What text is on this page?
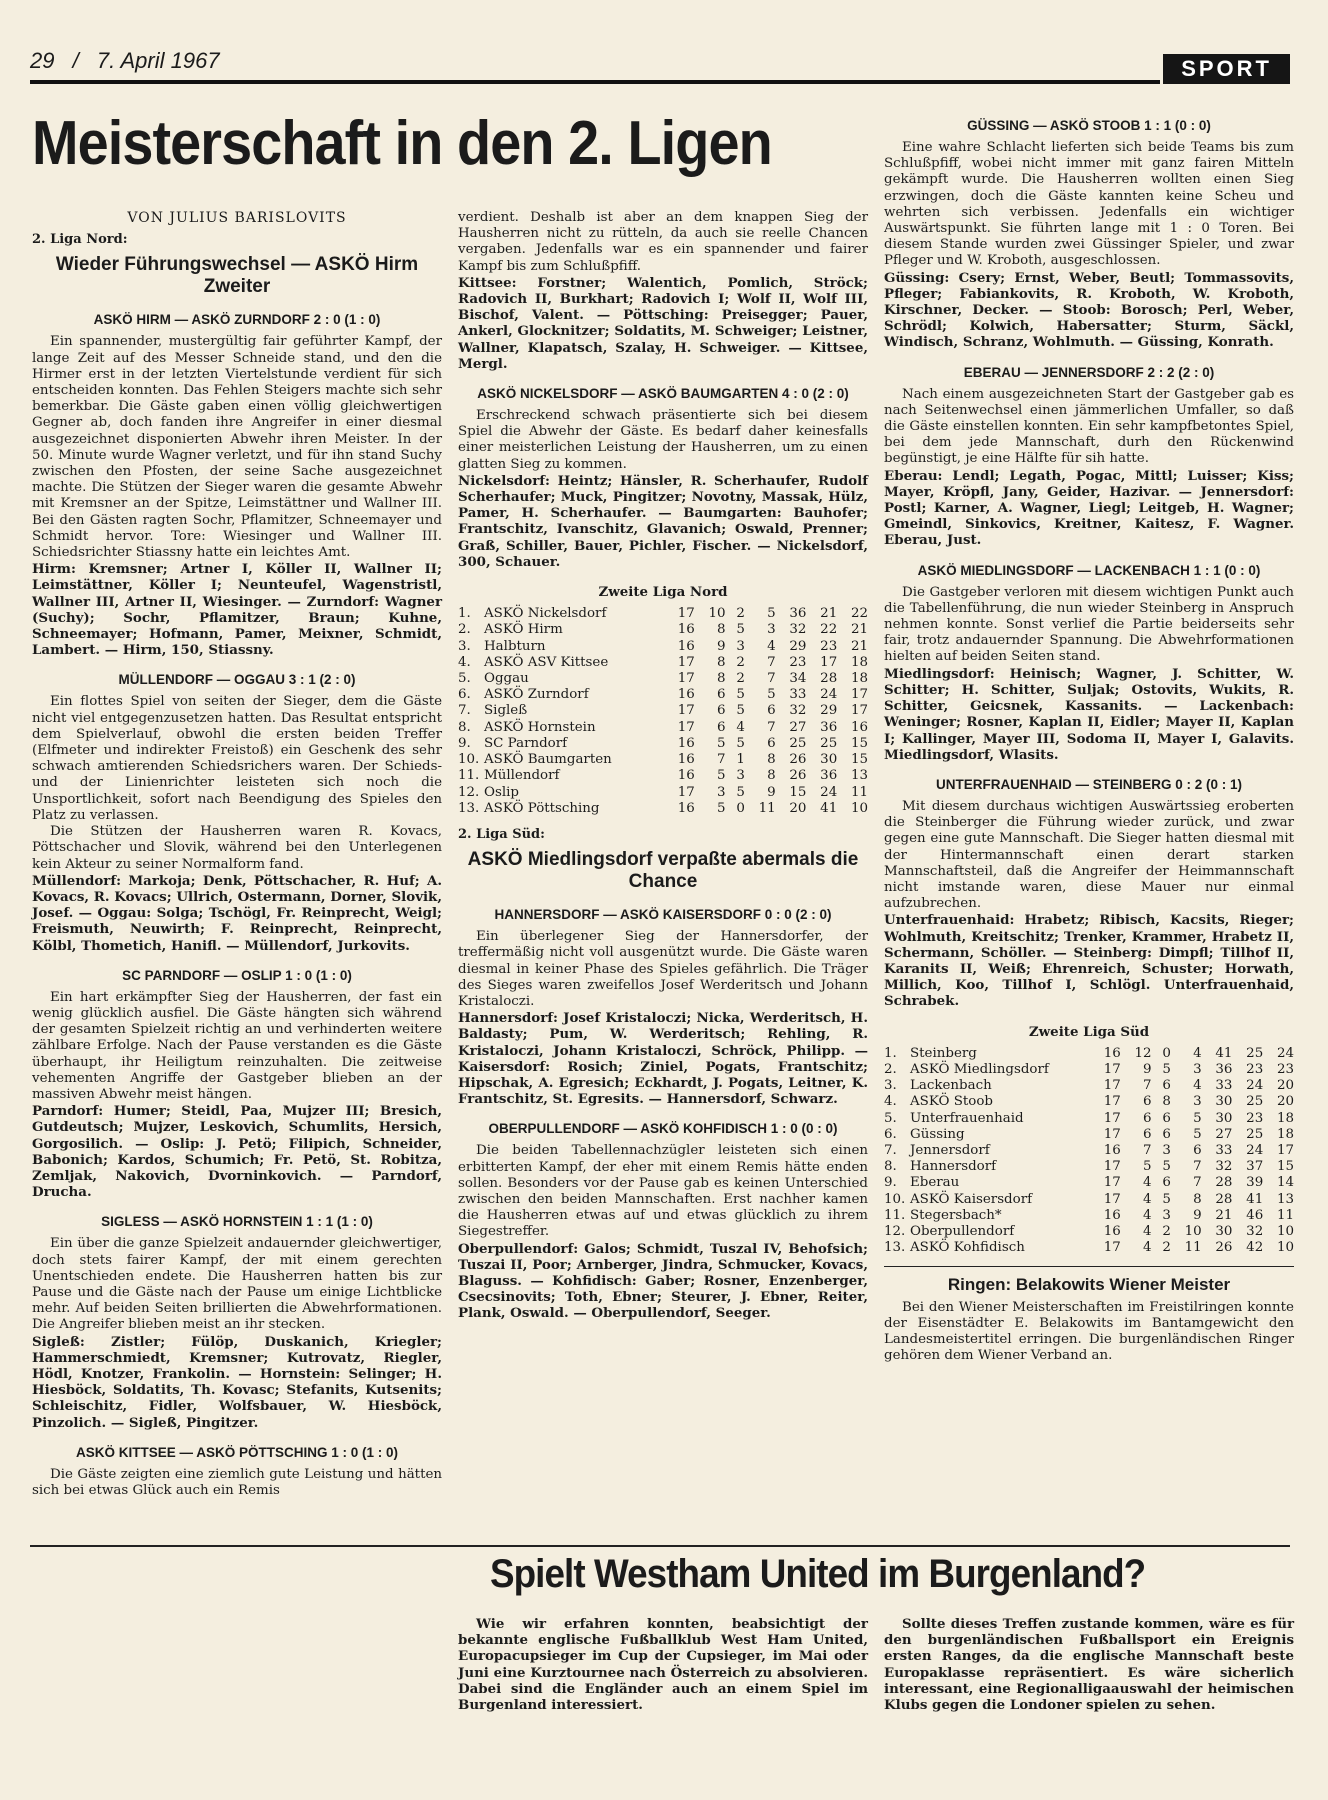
29 / 7. April 1967	SPORT
Meisterschaft in den 2. Ligen
VON JULIUS BARISLOVITS
2. Liga Nord:
Wieder Führungswechsel — ASKÖ Hirm Zweiter
ASKÖ HIRM — ASKÖ ZURNDORF 2 : 0 (1 : 0)

Ein spannender, mustergültig fair geführter Kampf, der lange Zeit auf des Messer Schneide stand, und den die Hirmer erst in der letzten Viertelstunde verdient für sich entscheiden konnten. Das Fehlen Steigers machte sich sehr bemerkbar. Die Gäste gaben einen völlig gleichwertigen Gegner ab, doch fanden ihre Angreifer in einer diesmal ausgezeichnet disponierten Abwehr ihren Meister. In der 50. Minute wurde Wagner verletzt, und für ihn stand Suchy zwischen den Pfosten, der seine Sache ausgezeichnet machte. Die Stützen der Sieger waren die gesamte Abwehr mit Kremsner an der Spitze, Leimstättner und Wallner III. Bei den Gästen ragten Sochr, Pflamitzer, Schneemayer und Schmidt hervor. Tore: Wiesinger und Wallner III. Schiedsrichter Stiassny hatte ein leichtes Amt.

Hirm: Kremsner; Artner I, Köller II, Wallner II; Leimstättner, Köller I; Neunteufel, Wagenstristl, Wallner III, Artner II, Wiesinger. — Zurndorf: Wagner (Suchy); Sochr, Pflamitzer, Braun; Kuhne, Schneemayer; Hofmann, Pamer, Meixner, Schmidt, Lambert. — Hirm, 150, Stiassny.

MÜLLENDORF — OGGAU 3 : 1 (2 : 0)

Ein flottes Spiel von seiten der Sieger, dem die Gäste nicht viel entgegenzusetzen hatten. Das Resultat entspricht dem Spielverlauf, obwohl die ersten beiden Treffer (Elfmeter und indirekter Freistoß) ein Geschenk des sehr schwach amtierenden Schiedsrichers waren. Der Schieds- und der Linienrichter leisteten sich noch die Unsportlichkeit, sofort nach Beendigung des Spieles den Platz zu verlassen.

Die Stützen der Hausherren waren R. Kovacs, Pöttschacher und Slovik, während bei den Unterlegenen kein Akteur zu seiner Normalform fand.

Müllendorf: Markoja; Denk, Pöttschacher, R. Huf; A. Kovacs, R. Kovacs; Ullrich, Ostermann, Dorner, Slovik, Josef. — Oggau: Solga; Tschögl, Fr. Reinprecht, Weigl; Freismuth, Neuwirth; F. Reinprecht, Reinprecht, Kölbl, Thometich, Hanifl. — Müllendorf, Jurkovits.

SC PARNDORF — OSLIP 1 : 0 (1 : 0)

Ein hart erkämpfter Sieg der Hausherren, der fast ein wenig glücklich ausfiel. Die Gäste hängten sich während der gesamten Spielzeit richtig an und verhinderten weitere zählbare Erfolge. Nach der Pause verstanden es die Gäste überhaupt, ihr Heiligtum reinzuhalten. Die zeitweise vehementen Angriffe der Gastgeber blieben an der massiven Abwehr meist hängen.

Parndorf: Humer; Steidl, Paa, Mujzer III; Bresich, Gutdeutsch; Mujzer, Leskovich, Schumlits, Hersich, Gorgosilich. — Oslip: J. Petö; Filipich, Schneider, Babonich; Kardos, Schumich; Fr. Petö, St. Robitza, Zemljak, Nakovich, Dvorninkovich. — Parndorf, Drucha.

SIGLESS — ASKÖ HORNSTEIN 1 : 1 (1 : 0)

Ein über die ganze Spielzeit andauernder gleichwertiger, doch stets fairer Kampf, der mit einem gerechten Unentschieden endete. Die Hausherren hatten bis zur Pause und die Gäste nach der Pause um einige Lichtblicke mehr. Auf beiden Seiten brillierten die Abwehrformationen. Die Angreifer blieben meist an ihr stecken.

Sigleß: Zistler; Fülöp, Duskanich, Kriegler; Hammerschmiedt, Kremsner; Kutrovatz, Riegler, Hödl, Knotzer, Frankolin. — Hornstein: Selinger; H. Hiesböck, Soldatits, Th. Kovasc; Stefanits, Kutsenits; Schleischitz, Fidler, Wolfsbauer, W. Hiesböck, Pinzolich. — Sigleß, Pingitzer.

ASKÖ KITTSEE — ASKÖ PÖTTSCHING 1 : 0 (1 : 0)

Die Gäste zeigten eine ziemlich gute Leistung und hätten sich bei etwas Glück auch ein Remis

verdient. Deshalb ist aber an dem knappen Sieg der Hausherren nicht zu rütteln, da auch sie reelle Chancen vergaben. Jedenfalls war es ein spannender und fairer Kampf bis zum Schlußpfiff.

Kittsee: Forstner; Walentich, Pomlich, Ströck; Radovich II, Burkhart; Radovich I; Wolf II, Wolf III, Bischof, Valent. — Pöttsching: Preisegger; Pauer, Ankerl, Glocknitzer; Soldatits, M. Schweiger; Leistner, Wallner, Klapatsch, Szalay, H. Schweiger. — Kittsee, Mergl.

ASKÖ NICKELSDORF — ASKÖ BAUMGARTEN 4 : 0 (2 : 0)

Erschreckend schwach präsentierte sich bei diesem Spiel die Abwehr der Gäste. Es bedarf daher keinesfalls einer meisterlichen Leistung der Hausherren, um zu einen glatten Sieg zu kommen.

Nickelsdorf: Heintz; Hänsler, R. Scherhaufer, Rudolf Scherhaufer; Muck, Pingitzer; Novotny, Massak, Hülz, Pamer, H. Scherhaufer. — Baumgarten: Bauhofer; Frantschitz, Ivanschitz, Glavanich; Oswald, Prenner; Graß, Schiller, Bauer, Pichler, Fischer. — Nickelsdorf, 300, Schauer.

Zweite Liga Nord
1.	ASKÖ Nickelsdorf	17	10	2	5	36	21	22
2.	ASKÖ Hirm	16	8	5	3	32	22	21
3.	Halbturn	16	9	3	4	29	23	21
4.	ASKÖ ASV Kittsee	17	8	2	7	23	17	18
5.	Oggau	17	8	2	7	34	28	18
6.	ASKÖ Zurndorf	16	6	5	5	33	24	17
7.	Sigleß	17	6	5	6	32	29	17
8.	ASKÖ Hornstein	17	6	4	7	27	36	16
9.	SC Parndorf	16	5	5	6	25	25	15
10.	ASKÖ Baumgarten	16	7	1	8	26	30	15
11.	Müllendorf	16	5	3	8	26	36	13
12.	Oslip	17	3	5	9	15	24	11
13.	ASKÖ Pöttsching	16	5	0	11	20	41	10
2. Liga Süd:
ASKÖ Miedlingsdorf verpaßte abermals die Chance
HANNERSDORF — ASKÖ KAISERSDORF 0 : 0 (2 : 0)

Ein überlegener Sieg der Hannersdorfer, der treffermäßig nicht voll ausgenützt wurde. Die Gäste waren diesmal in keiner Phase des Spieles gefährlich. Die Träger des Sieges waren zweifellos Josef Werderitsch und Johann Kristaloczi.

Hannersdorf: Josef Kristaloczi; Nicka, Werderitsch, H. Baldasty; Pum, W. Werderitsch; Rehling, R. Kristaloczi, Johann Kristaloczi, Schröck, Philipp. — Kaisersdorf: Rosich; Ziniel, Pogats, Frantschitz; Hipschak, A. Egresich; Eckhardt, J. Pogats, Leitner, K. Frantschitz, St. Egresits. — Hannersdorf, Schwarz.

OBERPULLENDORF — ASKÖ KOHFIDISCH 1 : 0 (0 : 0)

Die beiden Tabellennachzügler leisteten sich einen erbitterten Kampf, der eher mit einem Remis hätte enden sollen. Besonders vor der Pause gab es keinen Unterschied zwischen den beiden Mannschaften. Erst nachher kamen die Hausherren etwas auf und etwas glücklich zu ihrem Siegestreffer.

Oberpullendorf: Galos; Schmidt, Tuszal IV, Behofsich; Tuszai II, Poor; Arnberger, Jindra, Schmucker, Kovacs, Blaguss. — Kohfidisch: Gaber; Rosner, Enzenberger, Csecsinovits; Toth, Ebner; Steurer, J. Ebner, Reiter, Plank, Oswald. — Oberpullendorf, Seeger.

GÜSSING — ASKÖ STOOB 1 : 1 (0 : 0)

Eine wahre Schlacht lieferten sich beide Teams bis zum Schlußpfiff, wobei nicht immer mit ganz fairen Mitteln gekämpft wurde. Die Hausherren wollten einen Sieg erzwingen, doch die Gäste kannten keine Scheu und wehrten sich verbissen. Jedenfalls ein wichtiger Auswärtspunkt. Sie führten lange mit 1 : 0 Toren. Bei diesem Stande wurden zwei Güssinger Spieler, und zwar Pfleger und W. Kroboth, ausgeschlossen.

Güssing: Csery; Ernst, Weber, Beutl; Tommassovits, Pfleger; Fabiankovits, R. Kroboth, W. Kroboth, Kirschner, Decker. — Stoob: Borosch; Perl, Weber, Schrödl; Kolwich, Habersatter; Sturm, Säckl, Windisch, Schranz, Wohlmuth. — Güssing, Konrath.

EBERAU — JENNERSDORF 2 : 2 (2 : 0)

Nach einem ausgezeichneten Start der Gastgeber gab es nach Seitenwechsel einen jämmerlichen Umfaller, so daß die Gäste einstellen konnten. Ein sehr kampfbetontes Spiel, bei dem jede Mannschaft, durh den Rückenwind begünstigt, je eine Hälfte für sih hatte.

Eberau: Lendl; Legath, Pogac, Mittl; Luisser; Kiss; Mayer, Kröpfl, Jany, Geider, Hazivar. — Jennersdorf: Postl; Karner, A. Wagner, Liegl; Leitgeb, H. Wagner; Gmeindl, Sinkovics, Kreitner, Kaitesz, F. Wagner. Eberau, Just.

ASKÖ MIEDLINGSDORF — LACKENBACH 1 : 1 (0 : 0)

Die Gastgeber verloren mit diesem wichtigen Punkt auch die Tabellenführung, die nun wieder Steinberg in Anspruch nehmen konnte. Sonst verlief die Partie beiderseits sehr fair, trotz andauernder Spannung. Die Abwehrformationen hielten auf beiden Seiten stand.

Miedlingsdorf: Heinisch; Wagner, J. Schitter, W. Schitter; H. Schitter, Suljak; Ostovits, Wukits, R. Schitter, Geicsnek, Kassanits. — Lackenbach: Weninger; Rosner, Kaplan II, Eidler; Mayer II, Kaplan I; Kallinger, Mayer III, Sodoma II, Mayer I, Galavits. Miedlingsdorf, Wlasits.

UNTERFRAUENHAID — STEINBERG 0 : 2 (0 : 1)

Mit diesem durchaus wichtigen Auswärtssieg eroberten die Steinberger die Führung wieder zurück, und zwar gegen eine gute Mannschaft. Die Sieger hatten diesmal mit der Hintermannschaft einen derart starken Mannschaftsteil, daß die Angreifer der Heimmannschaft nicht imstande waren, diese Mauer nur einmal aufzubrechen.

Unterfrauenhaid: Hrabetz; Ribisch, Kacsits, Rieger; Wohlmuth, Kreitschitz; Trenker, Krammer, Hrabetz II, Schermann, Schöller. — Steinberg: Dimpfl; Tillhof II, Karanits II, Weiß; Ehrenreich, Schuster; Horwath, Millich, Koo, Tillhof I, Schlögl. Unterfrauenhaid, Schrabek.

Zweite Liga Süd
1.	Steinberg	16	12	0	4	41	25	24
2.	ASKÖ Miedlingsdorf	17	9	5	3	36	23	23
3.	Lackenbach	17	7	6	4	33	24	20
4.	ASKÖ Stoob	17	6	8	3	30	25	20
5.	Unterfrauenhaid	17	6	6	5	30	23	18
6.	Güssing	17	6	6	5	27	25	18
7.	Jennersdorf	16	7	3	6	33	24	17
8.	Hannersdorf	17	5	5	7	32	37	15
9.	Eberau	17	4	6	7	28	39	14
10.	ASKÖ Kaisersdorf	17	4	5	8	28	41	13
11.	Stegersbach*	16	4	3	9	21	46	11
12.	Oberpullendorf	16	4	2	10	30	32	10
13.	ASKÖ Kohfidisch	17	4	2	11	26	42	10
Ringen: Belakowits Wiener Meister

Bei den Wiener Meisterschaften im Freistilringen konnte der Eisenstädter E. Belakowits im Bantamgewicht den Landesmeistertitel erringen. Die burgenländischen Ringer gehören dem Wiener Verband an.

Spielt Westham United im Burgenland?

Wie wir erfahren konnten, beabsichtigt der bekannte englische Fußballklub West Ham United, Europacupsieger im Cup der Cupsieger, im Mai oder Juni eine Kurztournee nach Österreich zu absolvieren. Dabei sind die Engländer auch an einem Spiel im Burgenland interessiert.

Sollte dieses Treffen zustande kommen, wäre es für den burgenländischen Fußballsport ein Ereignis ersten Ranges, da die englische Mannschaft beste Europaklasse repräsentiert. Es wäre sicherlich interessant, eine Regionalligaauswahl der heimischen Klubs gegen die Londoner spielen zu sehen.
